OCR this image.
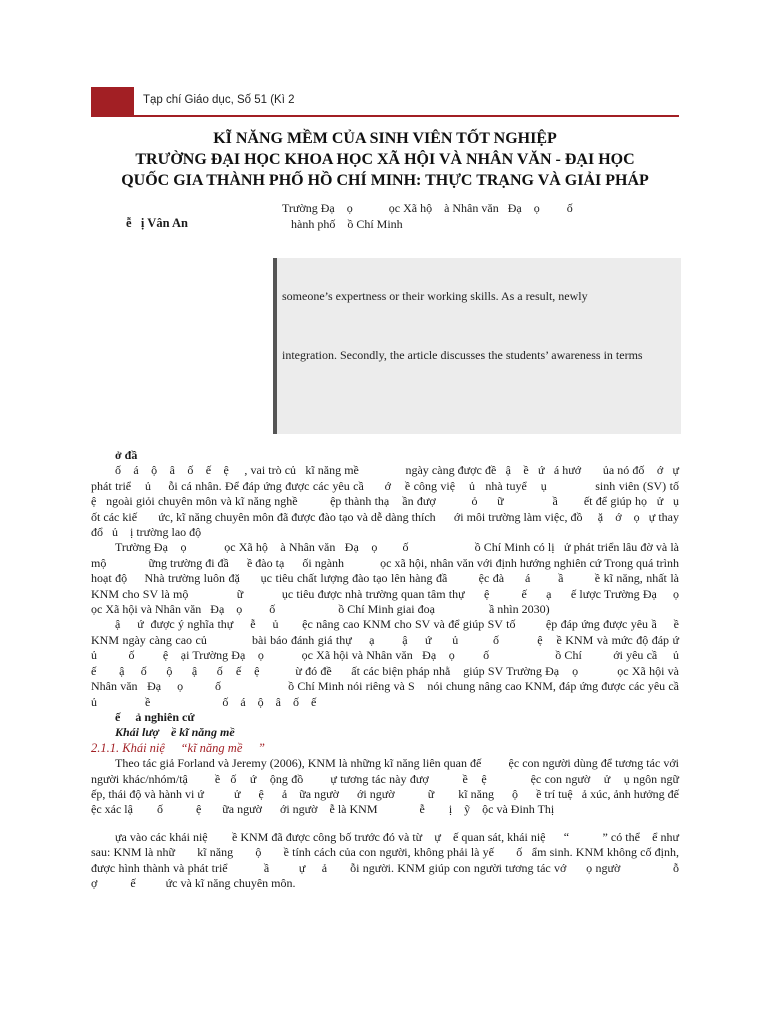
Tạp chí Giáo dục, Số 51 (Kì 2
KĨ NĂNG MỀM CỦA SINH VIÊN TỐT NGHIỆP
TRƯỜNG ĐẠI HỌC KHOA HỌC XÃ HỘI VÀ NHÂN VĂN - ĐẠI HỌC
QUỐC GIA THÀNH PHỐ HỒ CHÍ MINH: THỰC TRẠNG VÀ GIẢI PHÁP
Trường Đạ    ọ            ọc Xã hộ    à Nhân văn   Đạ    ọ         ố
hành phố    ồ Chí Minh
ễ   ị Vân An
someone’s expertness or their working skills. As a result, newly
integration. Secondly, the article discusses the students’ awareness in terms

ở đầ

ố    á    ộ    â    ố    ế    ệ     , vai trò củ   kĩ năng mề               ngày càng được đề   ậ    ề   ứ   á hướ       ủa nó đố    ớ   ự phát triể    ủ     ỗi cá nhân. Để đáp ứng được các yêu cầ      ớ    ề công việ    ủ   nhà tuyể    ụ              sinh viên (SV) tố        ệ   ngoài giỏi chuyên môn và kĩ năng nghề          ệp thành thạ    ần đượ           ỏ      ữ               ầ        ết để giúp họ   ử   ụ       ốt các kiế       ức, kĩ năng chuyên môn đã được đào tạo và dễ dàng thích      ới môi trường làm việc, đồ     ặ    ớ    ọ   ự thay đổ   ủ    ị trường lao độ

Trường Đạ    ọ            ọc Xã hộ    à Nhân văn   Đạ    ọ        ố                     ồ Chí Minh có lị   ử phát triển lâu đờ và là mộ              ững trường đi đầ      ề đào tạ      ối ngành            ọc xã hội, nhân văn với định hướng nghiên cứ Trong quá trình hoạt độ     Nhà trường luôn đặ      ục tiêu chất lượng đào tạo lên hàng đầ         ệc đà      á        ầ         ề kĩ năng, nhất là KNM cho SV là mộ               ữ            ục tiêu được nhà trường quan tâm thự      ệ          ế      ạ      ế lược Trường Đạ     ọ            ọc Xã hội và Nhân văn   Đạ    ọ         ố                     ồ Chí Minh giai đoạ                  ầ nhìn 2030)

ậ     ứ  được ý nghĩa thự     ễ     ủ       ệc nâng cao KNM cho SV và để giúp SV tố         ệp đáp ứng được yêu ầ     ề KNM ngày càng cao củ             bài báo đánh giá thự     ạ        ậ     ứ      ủ          ố           ệ    ề KNM và mức độ đáp ứ            ủ          ố         ệ    ại Trường Đạ    ọ            ọc Xã hội và Nhân văn   Đạ    ọ         ố                     ồ Chí          ới yêu cầ     ủ                         ế       ậ     ố      ộ      ậ      ố    ế    ệ           ừ đó đề      ất các biện pháp nhằ    giúp SV Trường Đạ    ọ            ọc Xã hội và Nhân văn   Đạ     ọ          ố                     ồ Chí Minh nói riêng và S    nói chung nâng cao KNM, đáp ứng được các yêu cầ     ủ                ề                        ố    á    ộ    â    ố    ế

ế     ả nghiên cứ

Khái lượ    ề kĩ năng mề

2.1.1. Khái niệ     “kĩ năng mề     ”

Theo tác giả Forland và Jeremy (2006), KNM là những kĩ năng liên quan đế         ệc con người dùng để tương tác với người khác/nhóm/tậ        ề   ố    ứ    ộng đồ        ự tương tác này đượ          ề    ệ             ệc con ngườ    ử    ụ ngôn ngữ                   ếp, thái độ và hành vi ứ          ử      ệ      ả    ữa ngườ      ới ngườ           ữ        kĩ năng      ộ      ề trí tuệ   ả xúc, ảnh hưởng đế          ệc xác lậ        ố           ệ       ữa ngườ      ới ngườ    ễ là KNM              ễ        ị    ỹ    ộc và Đinh Thị

ựa vào các khái niệ        ề KNM đã được công bố trước đó và từ    ự    ế quan sát, khái niệ      “           ” có thể    ể như sau: KNM là nhữ       kĩ năng       ộ       ề tính cách của con người, không phải là yế       ố   ẩm sinh. KNM không cố định, được hình thành và phát triể           ầ         ự     ả       ỗi người. KNM giúp con người tương tác vớ      ọ ngườ                ỗ        ợ           ế          ức và kĩ năng chuyên môn.
